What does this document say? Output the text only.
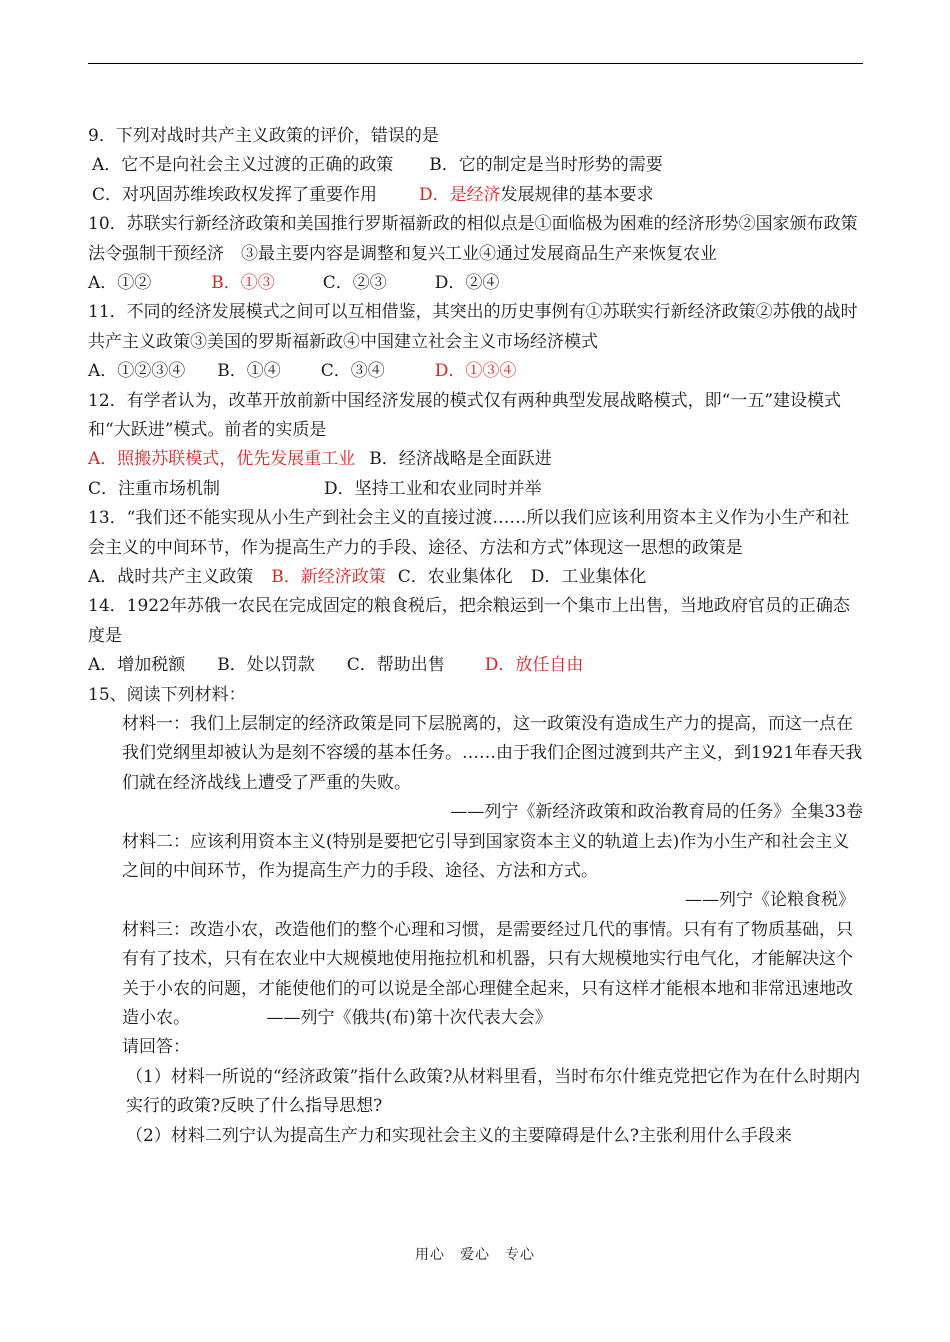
9．下列对战时共产主义政策的评价，错误的是
A．它不是向社会主义过渡的正确的政策 B．它的制定是当时形势的需要
C．对巩固苏维埃政权发挥了重要作用 D．是经济发展规律的基本要求
10．苏联实行新经济政策和美国推行罗斯福新政的相似点是①面临极为困难的经济形势②国家颁布政策法令强制干预经济　③最主要内容是调整和复兴工业④通过发展商品生产来恢复农业
A．①②	B．①③	C．②③	D．②④
11．不同的经济发展模式之间可以互相借鉴，其突出的历史事例有①苏联实行新经济政策②苏俄的战时共产主义政策③美国的罗斯福新政④中国建立社会主义市场经济模式
A．①②③④ B．①④ C．③④	D．①③④
12．有学者认为，改革开放前新中国经济发展的模式仅有两种典型发展战略模式，即“一五”建设模式和“大跃进”模式。前者的实质是
A．照搬苏联模式，优先发展重工业 B．经济战略是全面跃进
C．注重市场机制	D．坚持工业和农业同时并举
13．“我们还不能实现从小生产到社会主义的直接过渡……所以我们应该利用资本主义作为小生产和社会主义的中间环节，作为提高生产力的手段、途径、方法和方式”体现这一思想的政策是
A．战时共产主义政策 B．新经济政策 C．农业集体化 D．工业集体化
14．1922年苏俄一农民在完成固定的粮食税后，把余粮运到一个集市上出售，当地政府官员的正确态度是
A．增加税额 B．处以罚款 C．帮助出售 D．放任自由
15、阅读下列材料：
材料一：我们上层制定的经济政策是同下层脱离的，这一政策没有造成生产力的提高，而这一点在我们党纲里却被认为是刻不容缓的基本任务。……由于我们企图过渡到共产主义，到1921年春天我们就在经济战线上遭受了严重的失败。
——列宁《新经济政策和政治教育局的任务》全集33卷
材料二：应该利用资本主义(特别是要把它引导到国家资本主义的轨道上去)作为小生产和社会主义之间的中间环节，作为提高生产力的手段、途径、方法和方式。
——列宁《论粮食税》
材料三：改造小农，改造他们的整个心理和习惯，是需要经过几代的事情。只有有了物质基础，只有有了技术，只有在农业中大规模地使用拖拉机和机器，只有大规模地实行电气化，才能解决这个关于小农的问题，才能使他们的可以说是全部心理健全起来，只有这样才能根本地和非常迅速地改造小农。　　　　　——列宁《俄共(布)第十次代表大会》
请回答：
（1）材料一所说的“经济政策”指什么政策?从材料里看，当时布尔什维克党把它作为在什么时期内实行的政策?反映了什么指导思想?
（2）材料二列宁认为提高生产力和实现社会主义的主要障碍是什么?主张利用什么手段来
用心　爱心　专心
